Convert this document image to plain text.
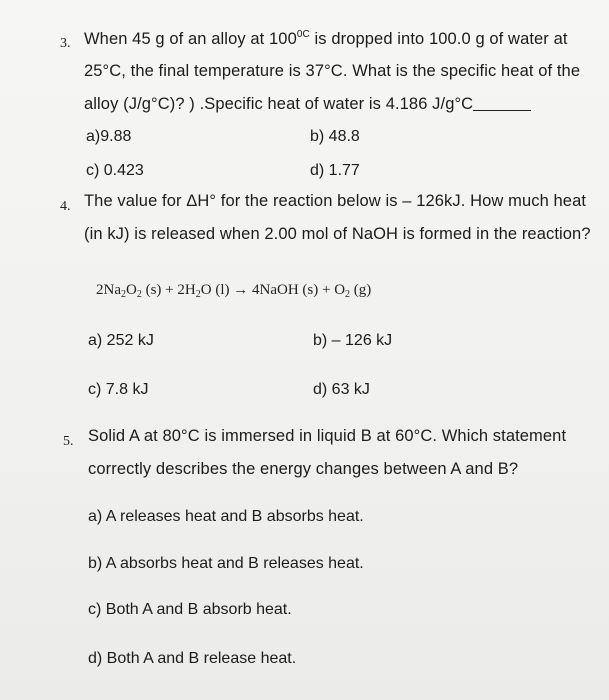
3. When 45 g of an alloy at $100^{0C}$ is dropped into 100.0 g of water at
25°C, the final temperature is 37°C. What is the specific heat of the
alloy (J/g°C)? ) .Specific heat of water is 4.186 J/g°C
a)9.88	b) 48.8
c) 0.423	d) 1.77
4. The value for ΔH° for the reaction below is – 126kJ. How much heat
(in kJ) is released when 2.00 mol of NaOH is formed in the reaction?
$2Na_2O_2$ $(s) + 2H_2O$ (l) → 4NaOH $(s) + O_2$ (g)
a) 252 kJ	b) – 126 kJ
c) 7.8 kJ	d) 63 kJ
5. Solid A at 80°C is immersed in liquid B at 60°C. Which statement
correctly describes the energy changes between A and B?
a) A releases heat and B absorbs heat.
b) A absorbs heat and B releases heat.
c) Both A and B absorb heat.
d) Both A and B release heat.
